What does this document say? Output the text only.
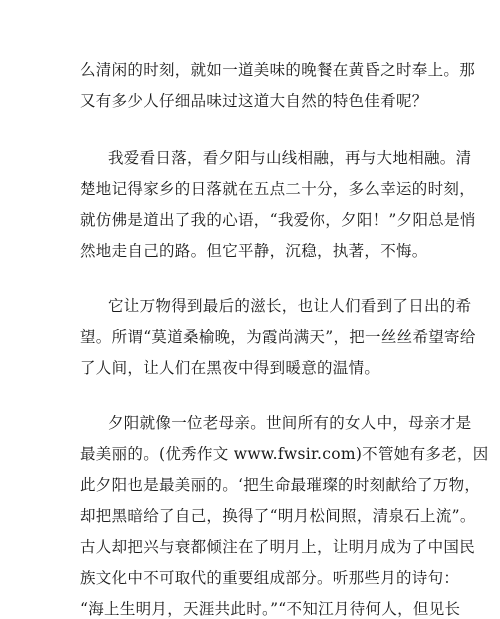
么清闲的时刻，就如一道美味的晚餐在黄昏之时奉上。那
又有多少人仔细品味过这道大自然的特色佳肴呢？
我爱看日落，看夕阳与山线相融，再与大地相融。清
楚地记得家乡的日落就在五点二十分，多么幸运的时刻，
就仿佛是道出了我的心语，“我爱你，夕阳！”夕阳总是悄
然地走自己的路。但它平静，沉稳，执著，不悔。
它让万物得到最后的滋长，也让人们看到了日出的希
望。所谓“莫道桑榆晚，为霞尚满天”，把一丝丝希望寄给
了人间，让人们在黑夜中得到暖意的温情。
夕阳就像一位老母亲。世间所有的女人中，母亲才是
最美丽的。(优秀作文 www.fwsir.com)不管她有多老，因
此夕阳也是最美丽的。‘把生命最璀璨的时刻献给了万物，
却把黑暗给了自己，换得了“明月松间照，清泉石上流”。
古人却把兴与衰都倾注在了明月上，让明月成为了中国民
族文化中不可取代的重要组成部分。听那些月的诗句：
“海上生明月，天涯共此时。”“不知江月待何人，但见长
